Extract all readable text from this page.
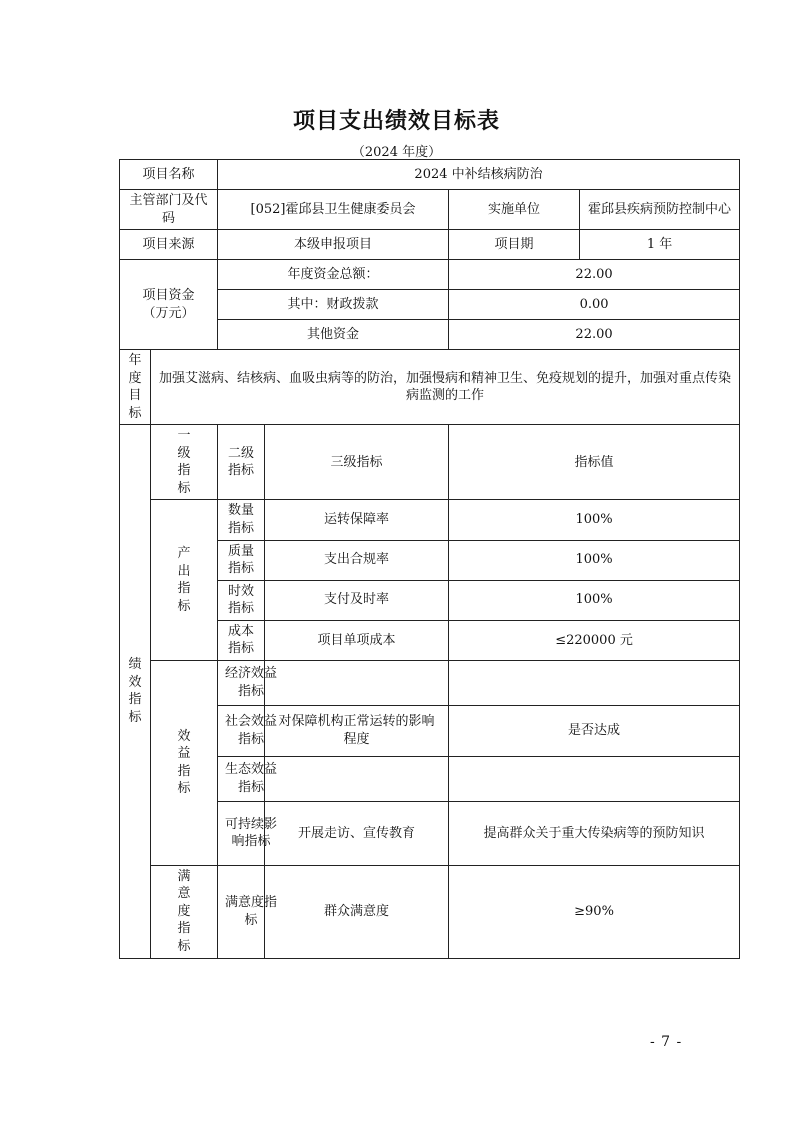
项目支出绩效目标表
（2024 年度）
项目名称		2024 中补结核病防治		
主管部门及代码		[052]霍邱县卫生健康委员会		实施单位 霍邱县疾病预防控制中心

项目来源		本级申报项目		项目期 1 年

项目资金（万元）		年度资金总额：		22.00
		其中：财政拨款		0.00
		其他资金		22.00
年度目标	加强艾滋病、结核病、血吸虫病等的防治，加强慢病和精神卫生、免疫规划的提升，加强对重点传染病监测的工作			
绩效指标	一级指标	二级指标	三级指标	指标值
	产出指标	数量指标	运转保障率	100%
		质量指标	支出合规率	100%
		时效指标	支付及时率	100%
		成本指标	项目单项成本	≤220000 元
	效益指标	经济效益指标		
		社会效益指标	对保障机构正常运转的影响程度	是否达成
		生态效益指标		
		可持续影响指标	开展走访、宣传教育	提高群众关于重大传染病等的预防知识
	满意度指标	满意度指标	群众满意度	≥90%
- 7 -
